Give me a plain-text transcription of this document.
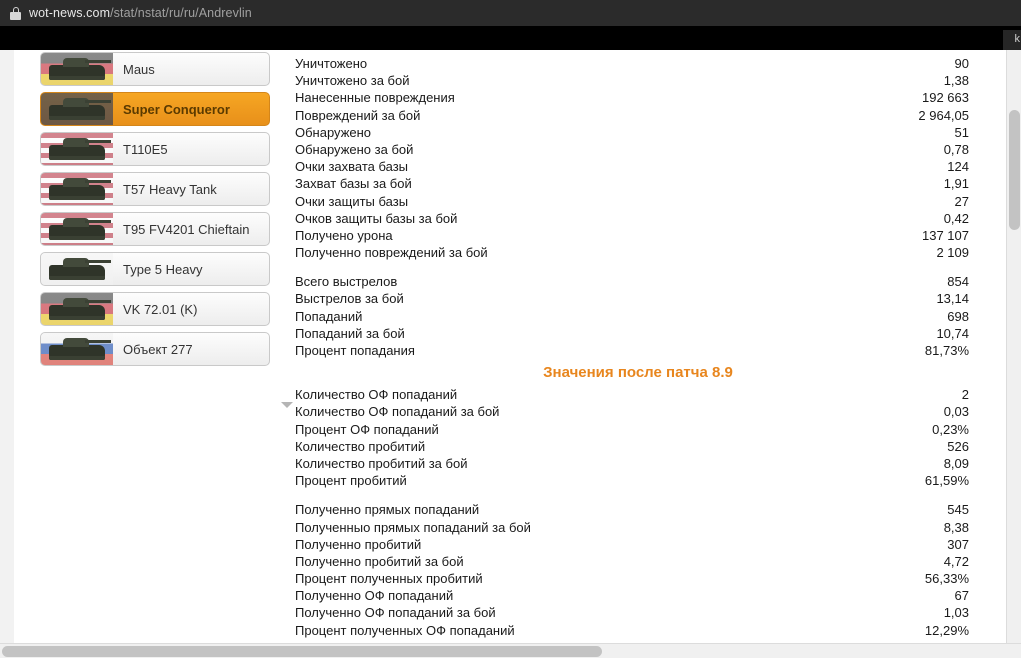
wot-news.com/stat/nstat/ru/ru/Andrevlin
k
Maus
Super Conqueror
T110E5
T57 Heavy Tank
T95 FV4201 Chieftain
Type 5 Heavy
VK 72.01 (K)
Объект 277
Уничтожено	90
Уничтожено за бой	1,38
Нанесенные повреждения	192 663
Повреждений за бой	2 964,05
Обнаружено	51
Обнаружено за бой	0,78
Очки захвата базы	124
Захват базы за бой	1,91
Очки защиты базы	27
Очков защиты базы за бой	0,42
Получено урона	137 107
Полученно повреждений за бой	2 109
Всего выстрелов	854
Выстрелов за бой	13,14
Попаданий	698
Попаданий за бой	10,74
Процент попадания	81,73%
Значения после патча 8.9
Количество ОФ попаданий	2
Количество ОФ попаданий за бой	0,03
Процент ОФ попаданий	0,23%
Количество пробитий	526
Количество пробитий за бой	8,09
Процент пробитий	61,59%
Полученно прямых попаданий	545
Полученныо прямых попаданий за бой	8,38
Полученно пробитий	307
Полученно пробитий за бой	4,72
Процент полученных пробитий	56,33%
Полученно ОФ попаданий	67
Полученно ОФ попаданий за бой	1,03
Процент полученных ОФ попаданий	12,29%
